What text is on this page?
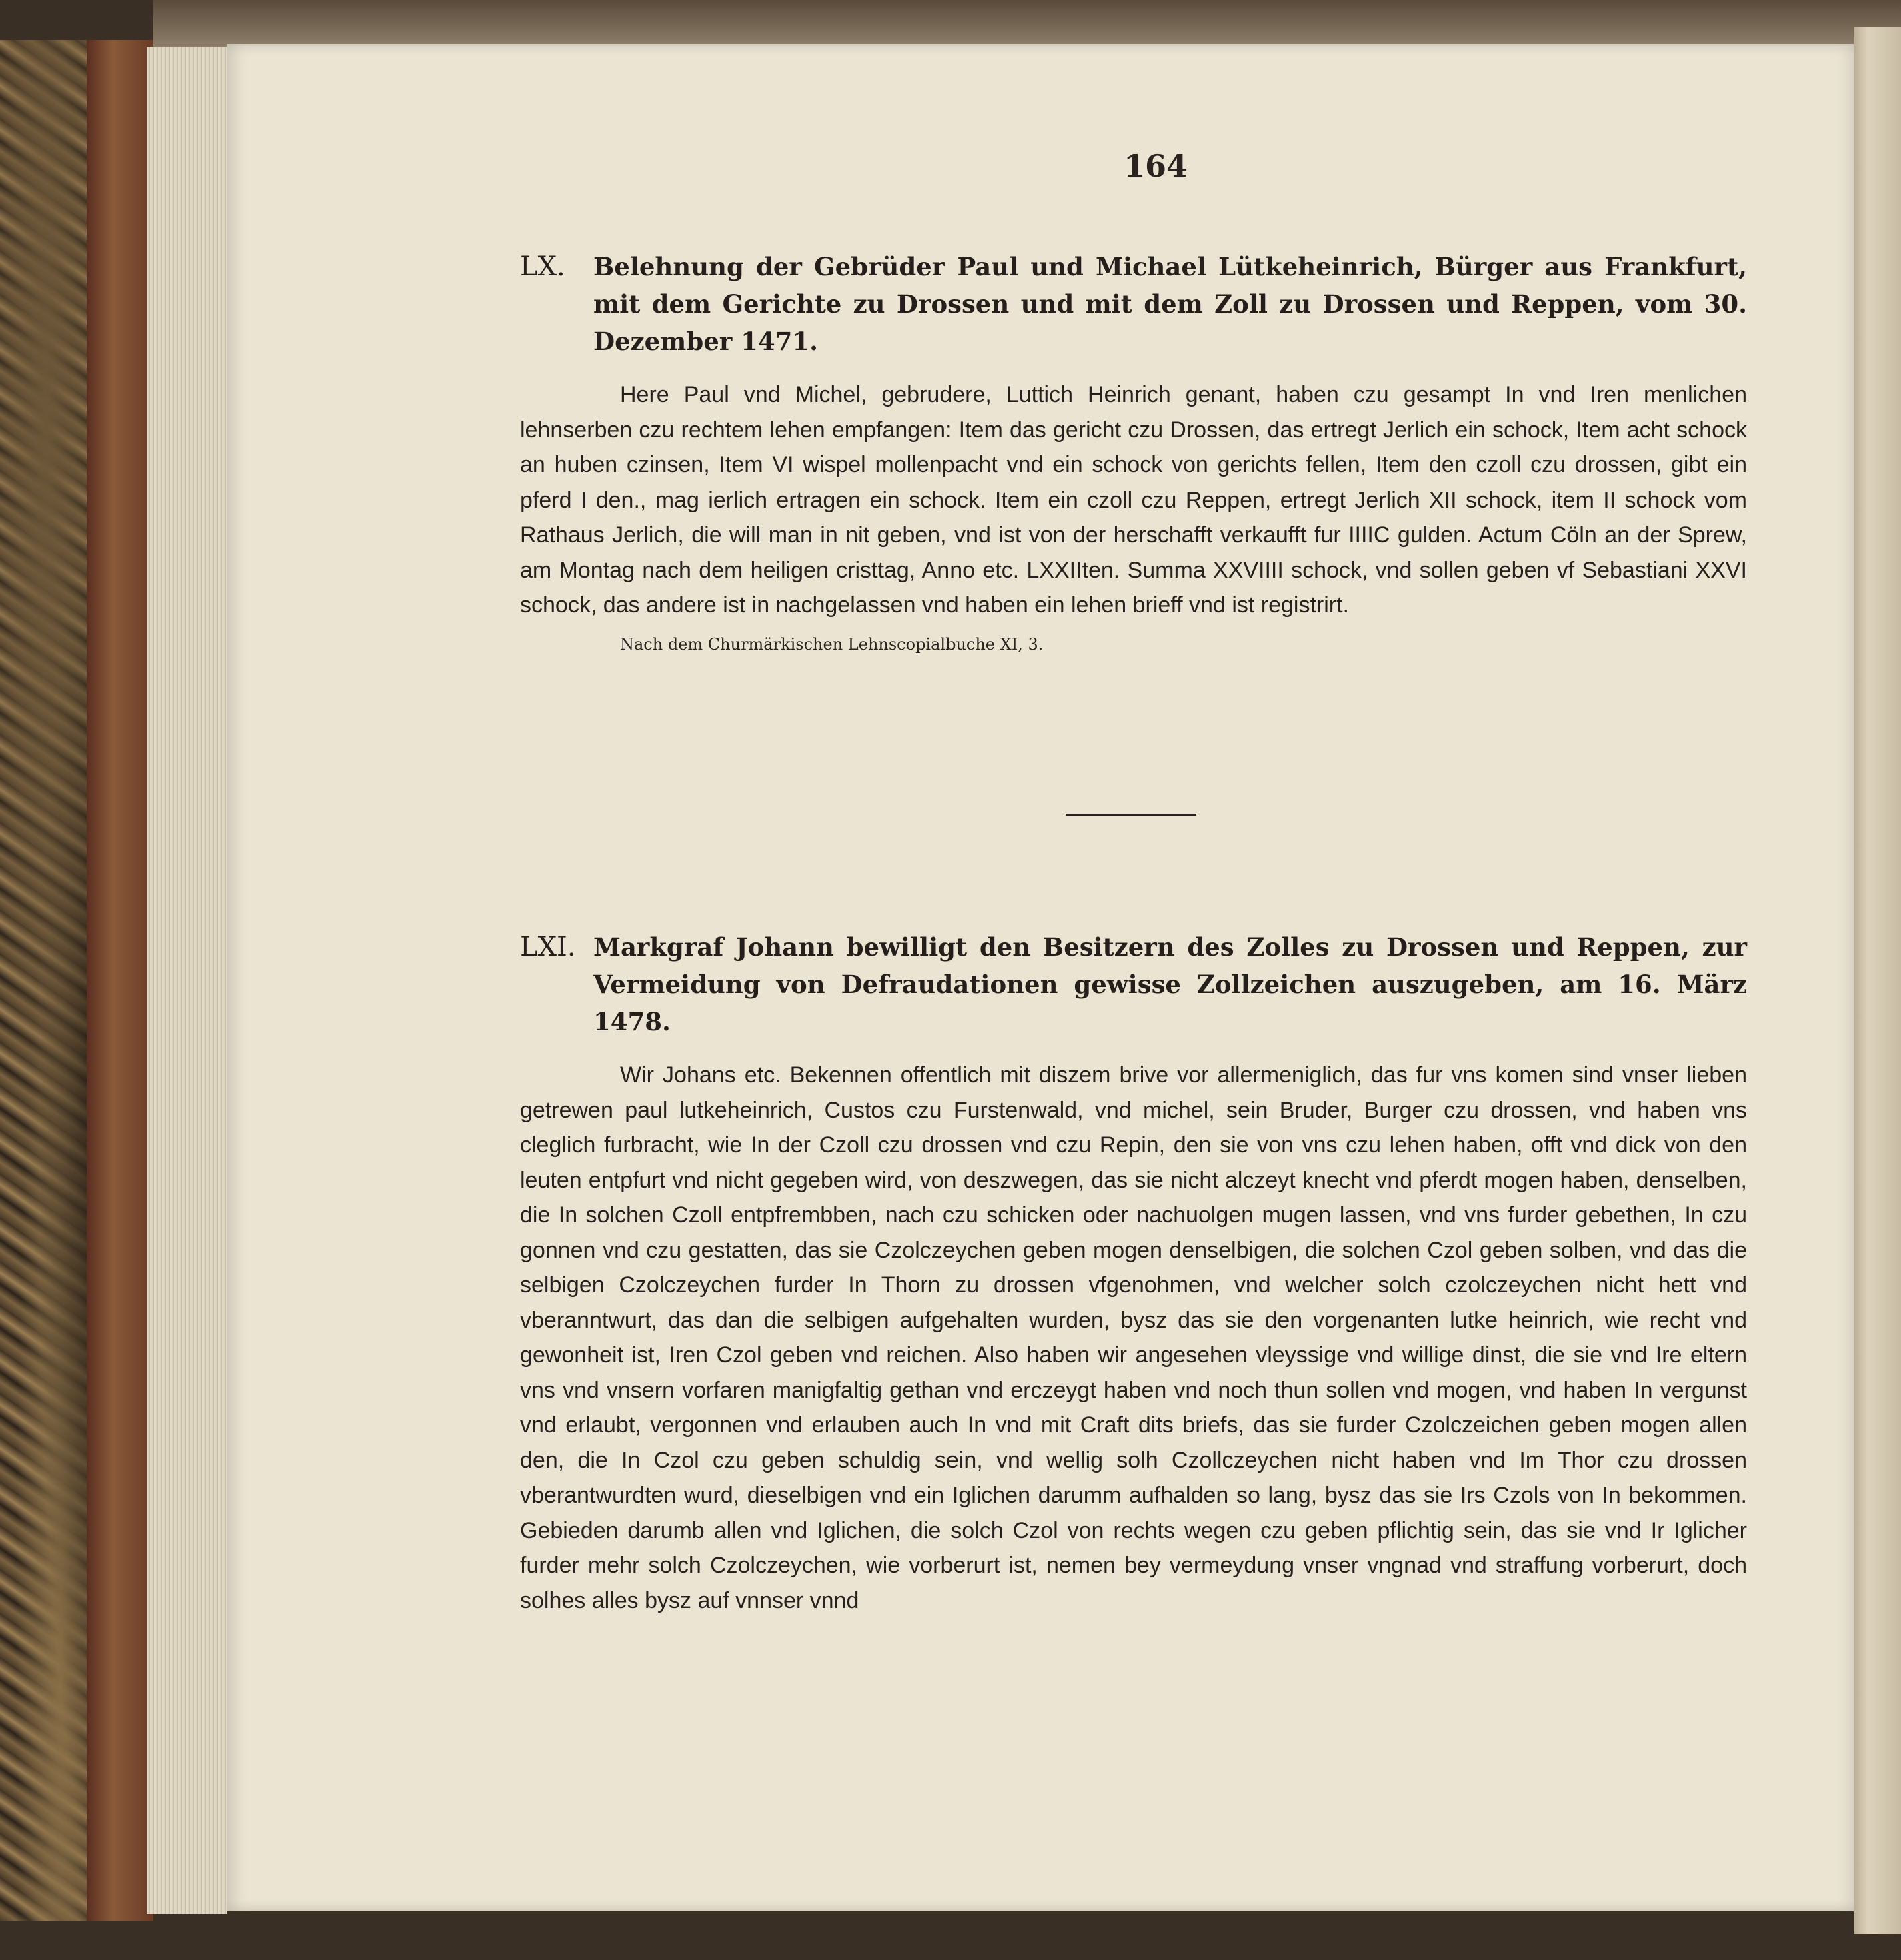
LX.	Belehnung der Gebrüder Paul und Michael Lütkeheinrich, Bürger aus Frankfurt, mit dem Gerichte zu Drossen und mit dem Zoll zu Drossen und Reppen, vom 30. Dezember 1471.
Here Paul vnd Michel, gebrudere, Luttich Heinrich genant, haben czu gesampt In vnd Iren menlichen lehnserben czu rechtem lehen empfangen: Item das gericht czu Drossen, das ertregt Jerlich ein schock, Item acht schock an huben czinsen, Item VI wispel mollenpacht vnd ein schock von gerichts fellen, Item den czoll czu drossen, gibt ein pferd I den., mag ierlich ertragen ein schock. Item ein czoll czu Reppen, ertregt Jerlich XII schock, item II schock vom Rathaus Jerlich, die will man in nit geben, vnd ist von der herschafft verkaufft fur IIIIC gulden. Actum Cöln an der Sprew, am Montag nach dem heiligen cristtag, Anno etc. LXXIIten. Summa XXVIIII schock, vnd sollen geben vf Sebastiani XXVI schock, das andere ist in nachgelassen vnd haben ein lehen brieff vnd ist registrirt.
Nach dem Churmärkischen Lehnscopialbuche XI, 3.
LXI. Markgraf Johann bewilligt den Besitzern des Zolles zu Drossen und Reppen, zur Vermeidung von Defraudationen gewisse Zollzeichen auszugeben, am 16. März 1478.
Wir Johans etc. Bekennen offentlich mit diszem brive vor allermeniglich, das fur vns komen sind vnser lieben getrewen paul lutkeheinrich, Custos czu Furstenwald, vnd michel, sein Bruder, Burger czu drossen, vnd haben vns cleglich furbracht, wie In der Czoll czu drossen vnd czu Repin, den sie von vns czu lehen haben, offt vnd dick von den leuten entpfurt vnd nicht gegeben wird, von deszwegen, das sie nicht alczeyt knecht vnd pferdt mogen haben, denselben, die In solchen Czoll entpfrembben, nach czu schicken oder nachuolgen mugen lassen, vnd vns furder gebethen, In czu gonnen vnd czu gestatten, das sie Czolczeychen geben mogen denselbigen, die solchen Czol geben solben, vnd das die selbigen Czolczeychen furder In Thorn zu drossen vfgenohmen, vnd welcher solch czolczeychen nicht hett vnd vberanntwurt, das dan die selbigen aufgehalten wurden, bysz das sie den vorgenanten lutke heinrich, wie recht vnd gewonheit ist, Iren Czol geben vnd reichen. Also haben wir angesehen vleyssige vnd willige dinst, die sie vnd Ire eltern vns vnd vnsern vorfaren manigfaltig gethan vnd erczeygt haben vnd noch thun sollen vnd mogen, vnd haben In vergunst vnd erlaubt, vergonnen vnd erlauben auch In vnd mit Craft dits briefs, das sie furder Czolczeichen geben mogen allen den, die In Czol czu geben schuldig sein, vnd wellig solh Czollczeychen nicht haben vnd Im Thor czu drossen vberantwurdten wurd, dieselbigen vnd ein Iglichen darumm aufhalden so lang, bysz das sie Irs Czols von In bekommen. Gebieden darumb allen vnd Iglichen, die solch Czol von rechts wegen czu geben pflichtig sein, das sie vnd Ir Iglicher furder mehr solch Czolczeychen, wie vorberurt ist, nemen bey vermeydung vnser vngnad vnd straffung vorberurt, doch solhes alles bysz auf vnnser vnnd
